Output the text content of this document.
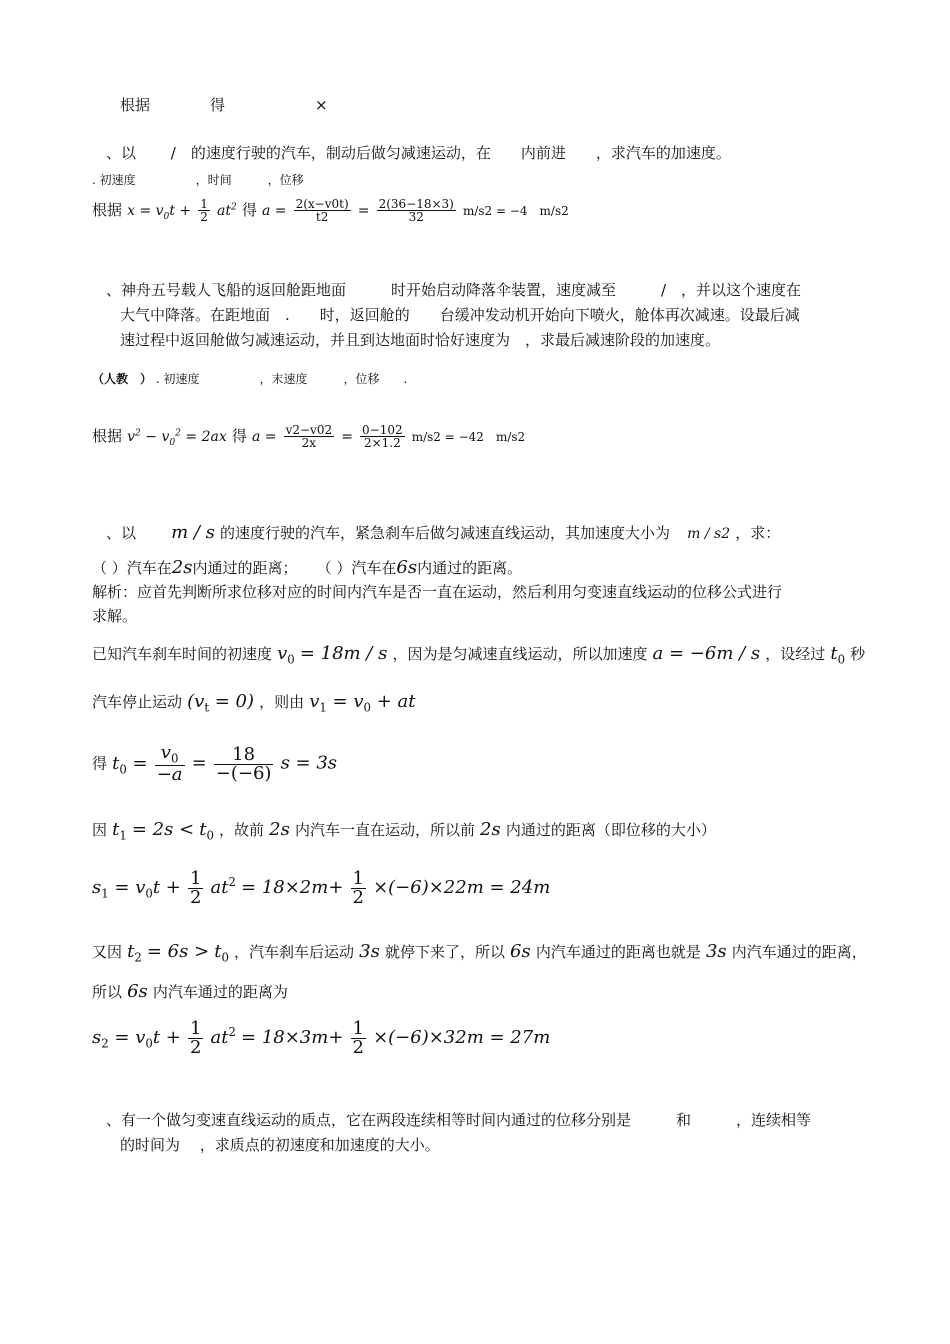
根据　　　　得　　　　　　×
、以　　 /　的速度行驶的汽车，制动后做匀减速运动，在　　内前进　　，求汽车的加速度。
. 初速度　　　　　，时间　　　，位移
根据 $x = v_0t + \frac{1}{2} at^2$ 得 $a = \frac{2(x-v0t)}{t2} = \frac{2(36-18\times 3)}{32} m/s2 = -4$　m/s2
、神舟五号载人飞船的返回舱距地面　　　时开始启动降落伞装置，速度减至　　　/　，并以这个速度在
大气中降落。在距地面　.　　时，返回舱的　　台缓冲发动机开始向下喷火，舱体再次减速。设最后减
速过程中返回舱做匀减速运动，并且到达地面时恰好速度为　，求最后减速阶段的加速度。
（人教　） . 初速度　　　　　，末速度　　　，位移　　.
根据 $v^2 - v_0^2 = 2ax$ 得 $a = \frac{v2-v02}{2x} = \frac{0-102}{2\times 1.2} m/s2 = -42$　m/s2
、以　　 m / s 的速度行驶的汽车，紧急刹车后做匀减速直线运动，其加速度大小为 m / s2 ，求：
（ ）汽车在2s内通过的距离； （ ）汽车在6s内通过的距离。
解析：应首先判断所求位移对应的时间内汽车是否一直在运动，然后利用匀变速直线运动的位移公式进行
求解。
已知汽车刹车时间的初速度 $v_0 = 18m / s$ ，因为是匀减速直线运动，所以加速度 a = −6m / s ，设经过 $t_0$ 秒
汽车停止运动 $(v_t = 0)$ ，则由 $v_1 = v_0$ + at
得 $t_0 = \frac{v_0}{-a} = \frac{18}{-(-6)}$ s = 3s
因 $t_1 = 2s < t_0$ ，故前 2s 内汽车一直在运动，所以前 2s 内通过的距离（即位移的大小）
$s_1 = v_0t + \frac{1}{2} at^2 = 18\times 2m+ \frac{1}{2} \times(-6)\times 22m = 24m$
又因 $t_2 = 6s > t_0$ ，汽车刹车后运动 3s 就停下来了，所以 6s 内汽车通过的距离也就是 3s 内汽车通过的距离，
所以 6s 内汽车通过的距离为
$s_2 = v_0t + \frac{1}{2} at^2 = 18\times 3m+ \frac{1}{2} \times(-6)\times 32m = 27m$
、有一个做匀变速直线运动的质点，它在两段连续相等时间内通过的位移分别是　　　和　　　，连续相等
的时间为　 ，求质点的初速度和加速度的大小。
